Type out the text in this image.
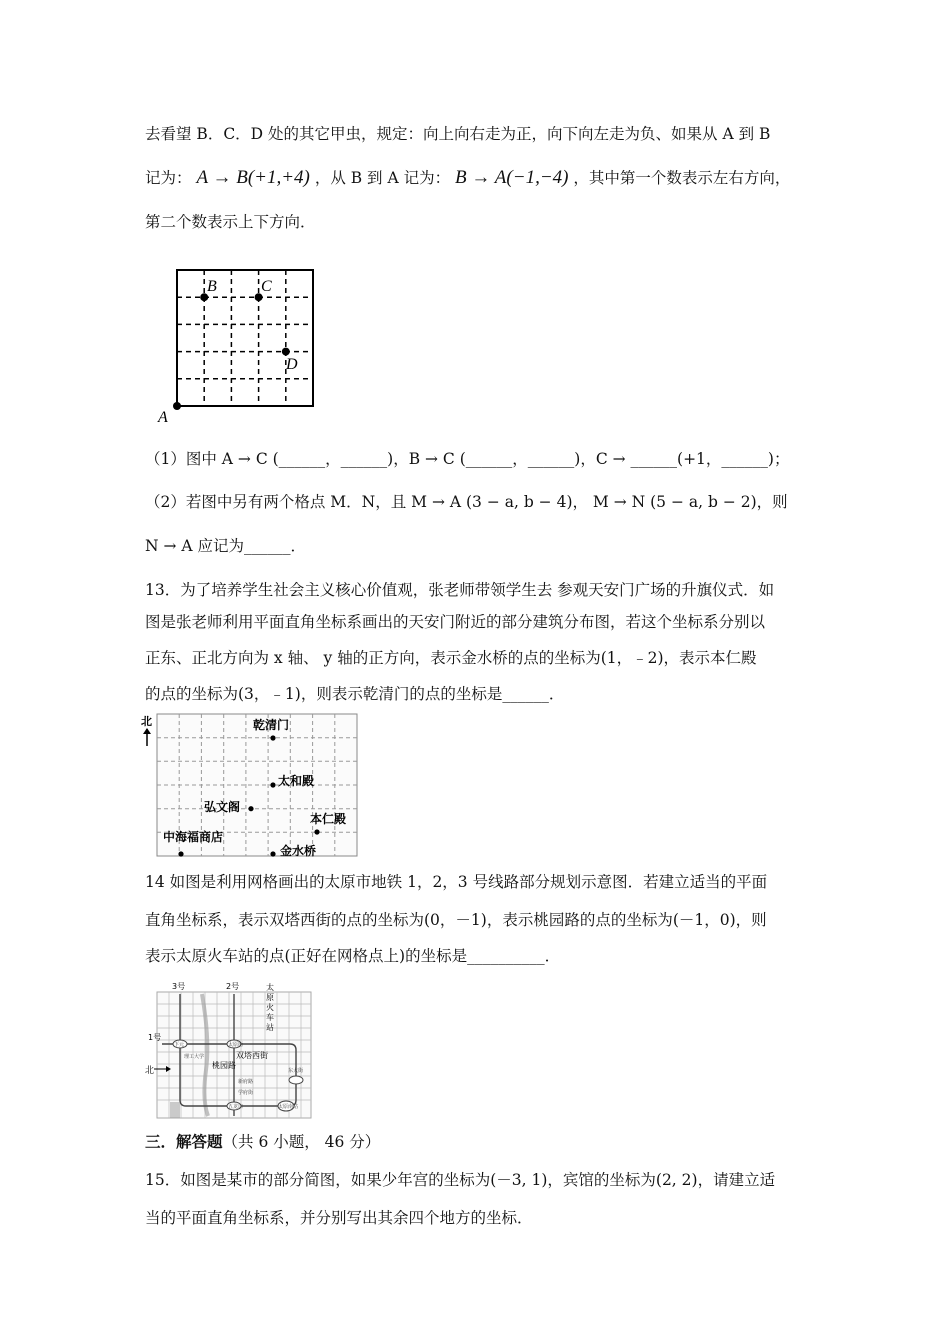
去看望 B．C．D 处的其它甲虫，规定：向上向右走为正，向下向左走为负、如果从 A 到 B
记为： A → B(+1,+4) ，从 B 到 A 记为： B → A(−1,−4) ，其中第一个数表示左右方向，
第二个数表示上下方向．
A
B	C
D
（1）图中 A → C (______，______)，B → C (______，______)，C → ______(+1，______)；
（2）若图中另有两个格点 M．N，且 M → A (3 − a, b − 4)， M → N (5 − a, b − 2)，则
N → A 应记为______．
13．为了培养学生社会主义核心价值观，张老师带领学生去 参观天安门广场的升旗仪式．如
图是张老师利用平面直角坐标系画出的天安门附近的部分建筑分布图，若这个坐标系分别以
正东、正北方向为 x 轴、 y 轴的正方向，表示金水桥的点的坐标为(1，﹣2)，表示本仁殿
的点的坐标为(3，﹣1)，则表示乾清门的点的坐标是______．
北	乾清门
太和殿
弘文阁
本仁殿
中海福商店
金水桥
14 如图是利用网格画出的太原市地铁 1，2，3 号线路部分规划示意图．若建立适当的平面
直角坐标系，表示双塔西街的点的坐标为(0，－1)，表示桃园路的点的坐标为(－1，0)，则
表示太原火车站的点(正好在网格点上)的坐标是__________．
3号	2号
1号
北
太
原
火
车
站
桃园路
双塔西街
下元
理工大学
太原街
五龙口
东大街
新府路
学府街
太原南站
三．解答题（共 6 小题， 46 分）
15．如图是某市的部分简图，如果少年宫的坐标为(－3, 1)，宾馆的坐标为(2, 2)，请建立适
当的平面直角坐标系，并分别写出其余四个地方的坐标．
